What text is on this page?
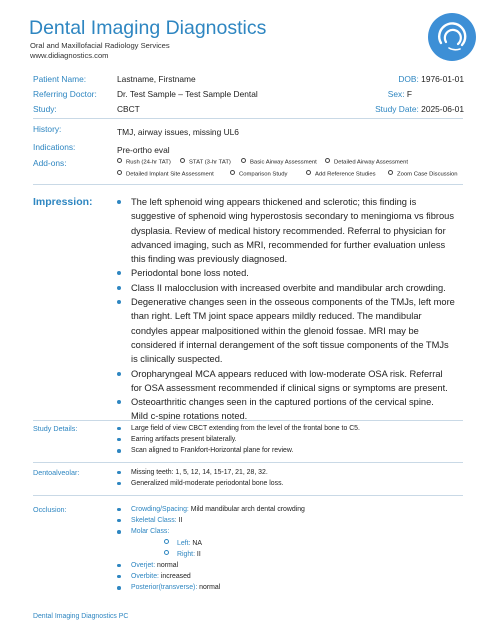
Dental Imaging Diagnostics
Oral and Maxillofacial Radiology Services
www.didiagnostics.com
Patient Name:	Lastname, Firstname	DOB: 1976-01-01
Referring Doctor: Dr. Test Sample – Test Sample Dental	Sex: F
Study:	CBCT	Study Date: 2025-06-01
History:	TMJ, airway issues, missing UL6
Indications:	Pre-ortho eval
Add-ons:	Rush (24-hr TAT)	STAT (3-hr TAT)	Basic Airway Assessment	Detailed Airway Assessment
Detailed Implant Site Assessment	Comparison Study	Add Reference Studies	Zoom Case Discussion
Impression:	The left sphenoid wing appears thickened and sclerotic; this finding is
suggestive of sphenoid wing hyperostosis secondary to meningioma vs fibrous
dysplasia. Review of medical history recommended. Referral to physician for
advanced imaging, such as MRI, recommended for further evaluation unless
this finding was previously diagnosed.
Periodontal bone loss noted.
Class II malocclusion with increased overbite and mandibular arch crowding.
Degenerative changes seen in the osseous components of the TMJs, left more
than right. Left TM joint space appears mildly reduced. The mandibular
condyles appear malpositioned within the glenoid fossae. MRI may be
considered if internal derangement of the soft tissue components of the TMJs
is clinically suspected.
Oropharyngeal MCA appears reduced with low-moderate OSA risk. Referral
for OSA assessment recommended if clinical signs or symptoms are present.
Osteoarthritic changes seen in the captured portions of the cervical spine.
Mild c-spine rotations noted.
Study Details:	Large field of view CBCT extending from the level of the frontal bone to C5.
Earring artifacts present bilaterally.
Scan aligned to Frankfort-Horizontal plane for review.
Dentoalveolar:	Missing teeth: 1, 5, 12, 14, 15-17, 21, 28, 32.
Generalized mild-moderate periodontal bone loss.
Occlusion:	Crowding/Spacing: Mild mandibular arch dental crowding
Skeletal Class: II
Molar Class:
Left: NA
Right: II
Overjet: normal
Overbite: increased
Posterior(transverse): normal
Dental Imaging Diagnostics PC
